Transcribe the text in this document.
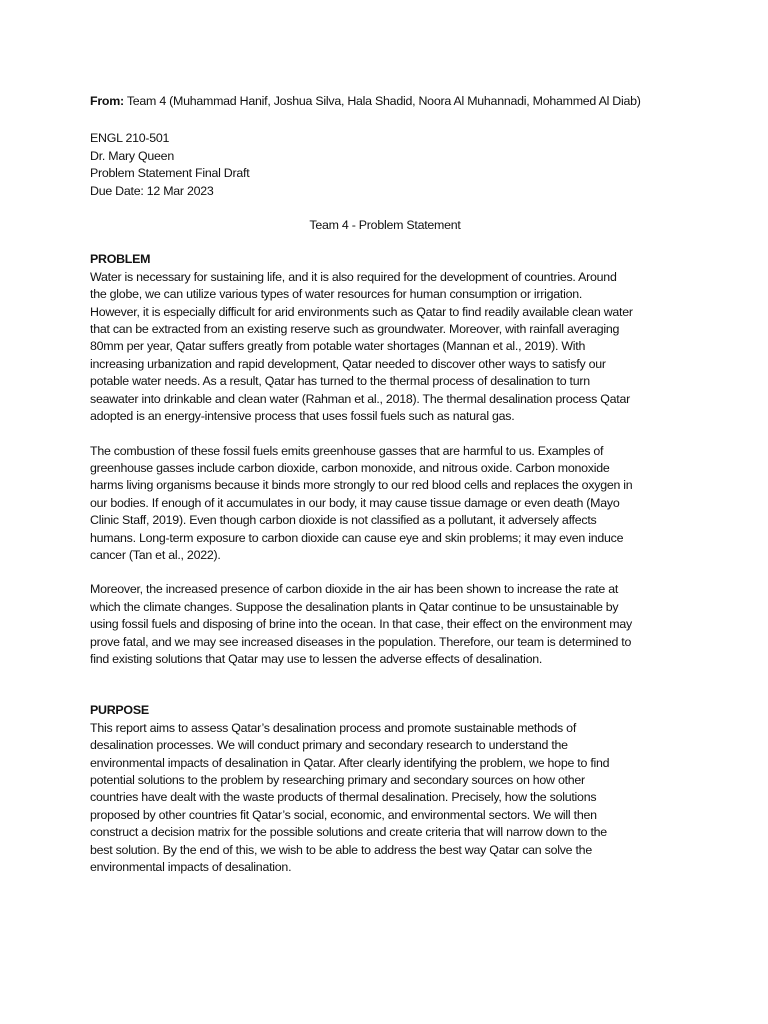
From: Team 4 (Muhammad Hanif, Joshua Silva, Hala Shadid, Noora Al Muhannadi, Mohammed Al Diab)
ENGL 210-501
Dr. Mary Queen
Problem Statement Final Draft
Due Date: 12 Mar 2023
Team 4 - Problem Statement
PROBLEM

Water is necessary for sustaining life, and it is also required for the development of countries. Around
the globe, we can utilize various types of water resources for human consumption or irrigation.
However, it is especially difficult for arid environments such as Qatar to find readily available clean water
that can be extracted from an existing reserve such as groundwater. Moreover, with rainfall averaging
80mm per year, Qatar suffers greatly from potable water shortages (Mannan et al., 2019). With
increasing urbanization and rapid development, Qatar needed to discover other ways to satisfy our
potable water needs. As a result, Qatar has turned to the thermal process of desalination to turn
seawater into drinkable and clean water (Rahman et al., 2018). The thermal desalination process Qatar
adopted is an energy-intensive process that uses fossil fuels such as natural gas.

The combustion of these fossil fuels emits greenhouse gasses that are harmful to us. Examples of
greenhouse gasses include carbon dioxide, carbon monoxide, and nitrous oxide. Carbon monoxide
harms living organisms because it binds more strongly to our red blood cells and replaces the oxygen in
our bodies. If enough of it accumulates in our body, it may cause tissue damage or even death (Mayo
Clinic Staff, 2019). Even though carbon dioxide is not classified as a pollutant, it adversely affects
humans. Long-term exposure to carbon dioxide can cause eye and skin problems; it may even induce
cancer (Tan et al., 2022).

Moreover, the increased presence of carbon dioxide in the air has been shown to increase the rate at
which the climate changes. Suppose the desalination plants in Qatar continue to be unsustainable by
using fossil fuels and disposing of brine into the ocean. In that case, their effect on the environment may
prove fatal, and we may see increased diseases in the population. Therefore, our team is determined to
find existing solutions that Qatar may use to lessen the adverse effects of desalination.

PURPOSE

This report aims to assess Qatar’s desalination process and promote sustainable methods of
desalination processes. We will conduct primary and secondary research to understand the
environmental impacts of desalination in Qatar. After clearly identifying the problem, we hope to find
potential solutions to the problem by researching primary and secondary sources on how other
countries have dealt with the waste products of thermal desalination. Precisely, how the solutions
proposed by other countries fit Qatar’s social, economic, and environmental sectors. We will then
construct a decision matrix for the possible solutions and create criteria that will narrow down to the
best solution. By the end of this, we wish to be able to address the best way Qatar can solve the
environmental impacts of desalination.
